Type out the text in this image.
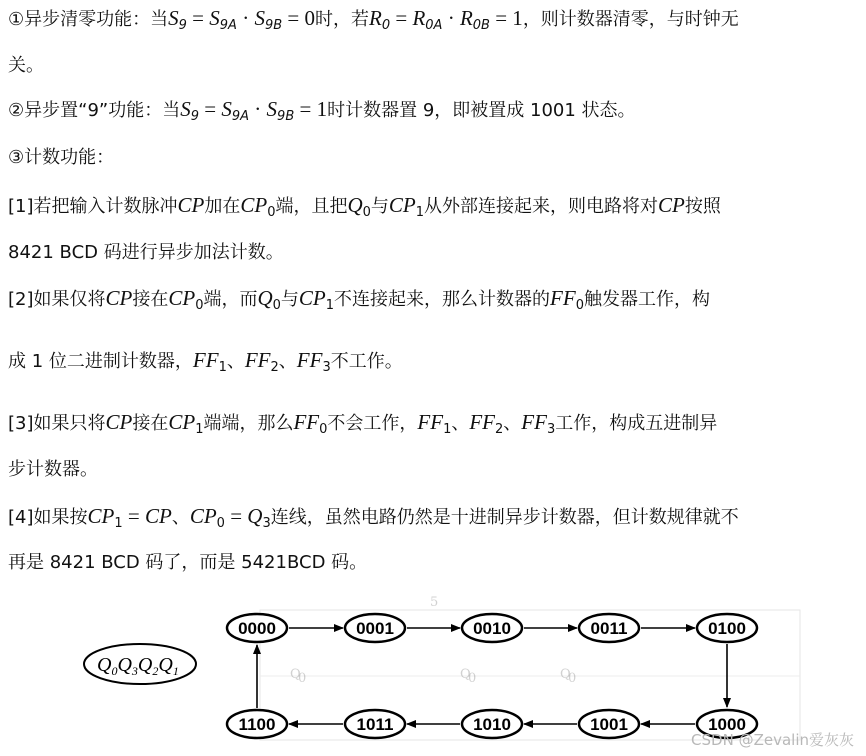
①异步清零功能：当$S_9 = S_{9A} \cdot S_{9B} = 0$时，若$R_0 = R_{0A} \cdot R_{0B} = 1$，则计数器清零，与时钟无
关。
②异步置“9”功能：当$S_9 = S_{9A} \cdot S_{9B} = 1$时计数器置 9，即被置成 1001 状态。
③计数功能：
[1]若把输入计数脉冲CP加在$CP_0$端，且把$Q_0$与$CP_1$从外部连接起来，则电路将对CP按照
8421 BCD 码进行异步加法计数。
[2]如果仅将CP接在$CP_0$端，而$Q_0$与$CP_1$不连接起来，那么计数器的$FF_0$触发器工作，构
成 1 位二进制计数器，$FF_1$、$FF_2$、$FF_3$不工作。
[3]如果只将CP接在$CP_1$端端，那么$FF_0$不会工作，$FF_1$、$FF_2$、$FF_3$工作，构成五进制异
步计数器。
[4]如果按$CP_1$ = CP、$CP_0 = Q_3$连线，虽然电路仍然是十进制异步计数器，但计数规律就不
再是 8421 BCD 码了，而是 5421BCD 码。
5
Q
0	Q
0	Q
0
$Q_0Q_3Q_2Q_1$
0000	0001	0010	0011	0100
1100	1011	1010	1001	1000
CSDN @Zevalin爱灰灰
